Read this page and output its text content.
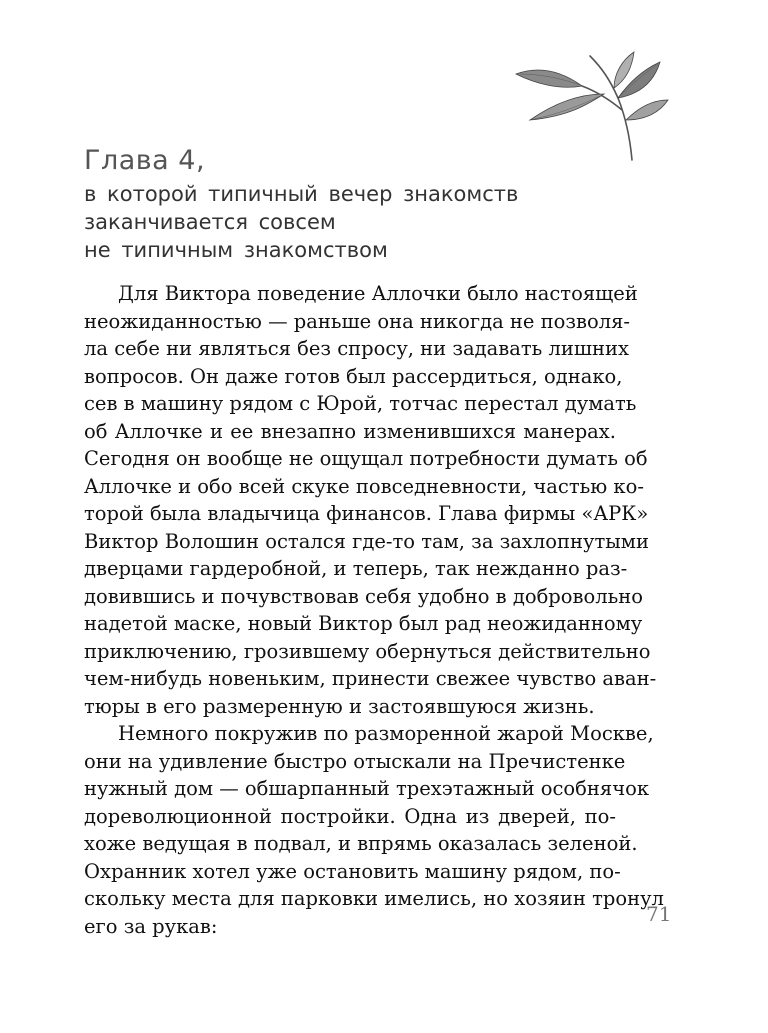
Глава 4,
в которой типичный вечер знакомств
заканчивается совсем
не типичным знакомством
Для Виктора поведение Аллочки было настоящей
неожиданностью — раньше она никогда не позволя-
ла себе ни являться без спросу, ни задавать лишних
вопросов. Он даже готов был рассердиться, однако,
сев в машину рядом с Юрой, тотчас перестал думать
об Аллочке и ее внезапно изменившихся манерах.
Сегодня он вообще не ощущал потребности думать об
Аллочке и обо всей скуке повседневности, частью ко-
торой была владычица финансов. Глава фирмы «АРК»
Виктор Волошин остался где-то там, за захлопнутыми
дверцами гардеробной, и теперь, так нежданно раз-
довившись и почувствовав себя удобно в добровольно
надетой маске, новый Виктор был рад неожиданному
приключению, грозившему обернуться действительно
чем-нибудь новеньким, принести свежее чувство аван-
тюры в его размеренную и застоявшуюся жизнь.
Немного покружив по разморенной жарой Москве,
они на удивление быстро отыскали на Пречистенке
нужный дом — обшарпанный трехэтажный особнячок
дореволюционной постройки. Одна из дверей, по-
хоже ведущая в подвал, и впрямь оказалась зеленой.
Охранник хотел уже остановить машину рядом, по-
скольку места для парковки имелись, но хозяин тронул
его за рукав:	71
